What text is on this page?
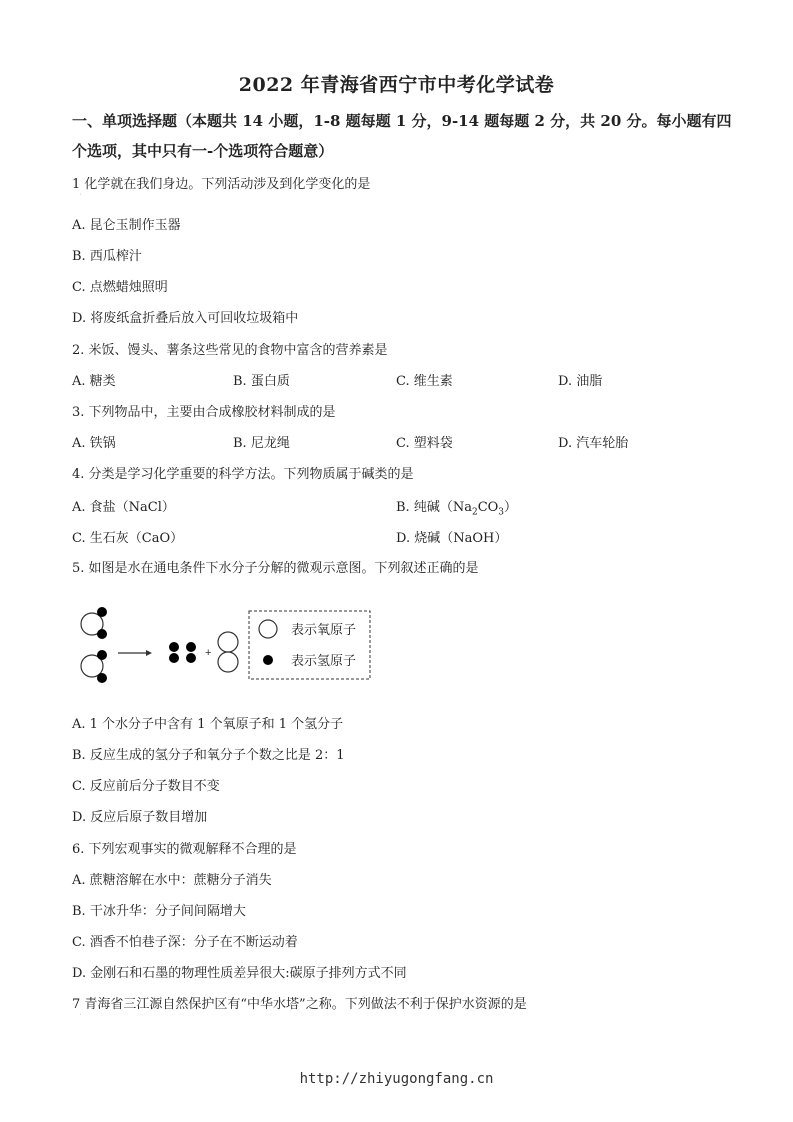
2022 年青海省西宁市中考化学试卷
一、单项选择题（本题共 14 小题，1-8 题每题 1 分，9-14 题每题 2 分，共 20 分。每小题有四
个选项，其中只有一-个选项符合题意）
1 化学就在我们身边。下列活动涉及到化学变化的是
'
A. 昆仑玉制作玉器
B. 西瓜榨汁
C. 点燃蜡烛照明
D. 将废纸盒折叠后放入可回收垃圾箱中
2. 米饭、馒头、薯条这些常见的食物中富含的营养素是
A. 糖类	B. 蛋白质	C. 维生素	D. 油脂
3. 下列物品中，主要由合成橡胶材料制成的是
A. 铁锅	B. 尼龙绳	C. 塑料袋	D. 汽车轮胎
4. 分类是学习化学重要的科学方法。下列物质属于碱类的是
A. 食盐（NaCl）	B. 纯碱$(Na_2CO_3)$
C. 生石灰（CaO）	D. 烧碱（NaOH）
5. 如图是水在通电条件下水分子分解的微观示意图。下列叙述正确的是
+
表示氧原子
表示氢原子
A. 1 个水分子中含有 1 个氧原子和 1 个氢分子
B. 反应生成的氢分子和氧分子个数之比是 2：1
C. 反应前后分子数目不变
D. 反应后原子数目增加
6. 下列宏观事实的微观解释不合理的是
A. 蔗糖溶解在水中：蔗糖分子消失
B. 干冰升华：分子间间隔增大
C. 酒香不怕巷子深：分子在不断运动着
D. 金刚石和石墨的物理性质差异很大:碳原子排列方式不同
7 青海省三江源自然保护区有“中华水塔”之称。下列做法不利于保护水资源的是
'
http://zhiyugongfang.cn
